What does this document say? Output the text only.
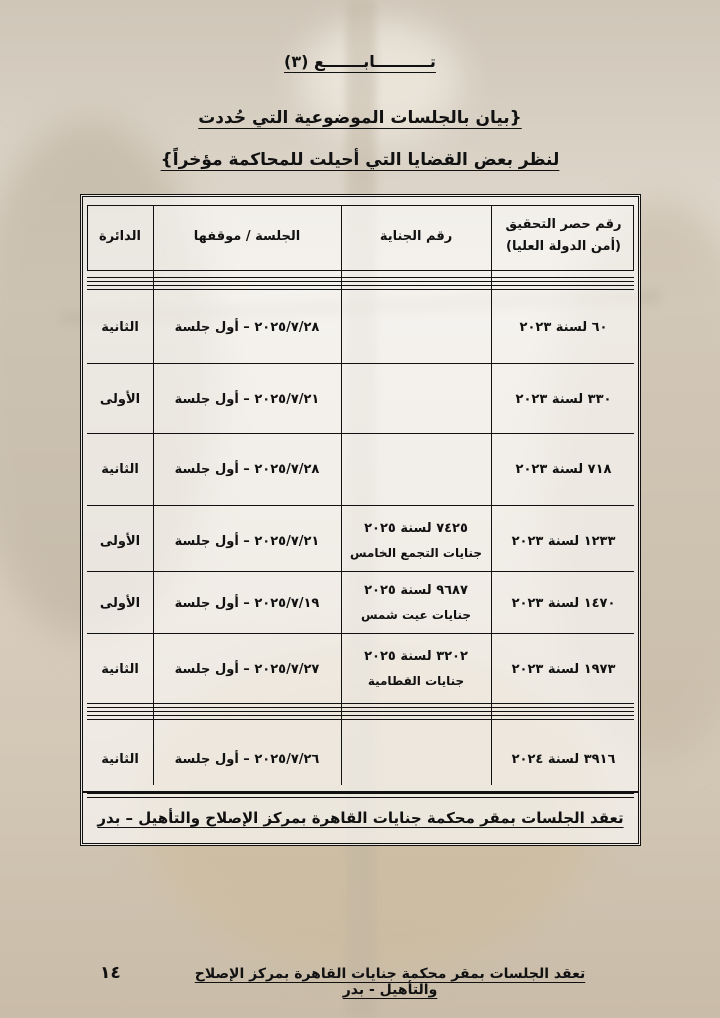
تــــــــــابـــــــع (٣)
{بيان بالجلسات الموضوعية التي حُددت
لنظر بعض القضايا التي أحيلت للمحاكمة مؤخراً}
رقم حصر التحقيق
(أمن الدولة العليا)
رقم الجناية
الجلسة / موقفها
الدائرة
تعقد الجلسات بمقر محكمة جنايات القاهرة بمركز الإصلاح والتأهيل – بدر
٦٠ لسنة ٢٠٢٣
٢٠٢٥/٧/٢٨ – أول جلسة
الثانية
٣٣٠ لسنة ٢٠٢٣
٢٠٢٥/٧/٢١ – أول جلسة
الأولى
٧١٨ لسنة ٢٠٢٣
٢٠٢٥/٧/٢٨ – أول جلسة
الثانية
١٢٣٣ لسنة ٢٠٢٣
٧٤٢٥ لسنة ٢٠٢٥
جنايات التجمع الخامس
٢٠٢٥/٧/٢١ – أول جلسة
الأولى
١٤٧٠ لسنة ٢٠٢٣
٩٦٨٧ لسنة ٢٠٢٥
جنايات عيت شمس
٢٠٢٥/٧/١٩ – أول جلسة
الأولى
١٩٧٣ لسنة ٢٠٢٣
٣٢٠٢ لسنة ٢٠٢٥
جنايات القطامية
٢٠٢٥/٧/٢٧ – أول جلسة
الثانية
٣٩١٦ لسنة ٢٠٢٤
٢٠٢٥/٧/٢٦ – أول جلسة
الثانية
تعقد الجلسات بمقر محكمة جنايات القاهرة بمركز الإصلاح والتأهيل - بدر
١٤
